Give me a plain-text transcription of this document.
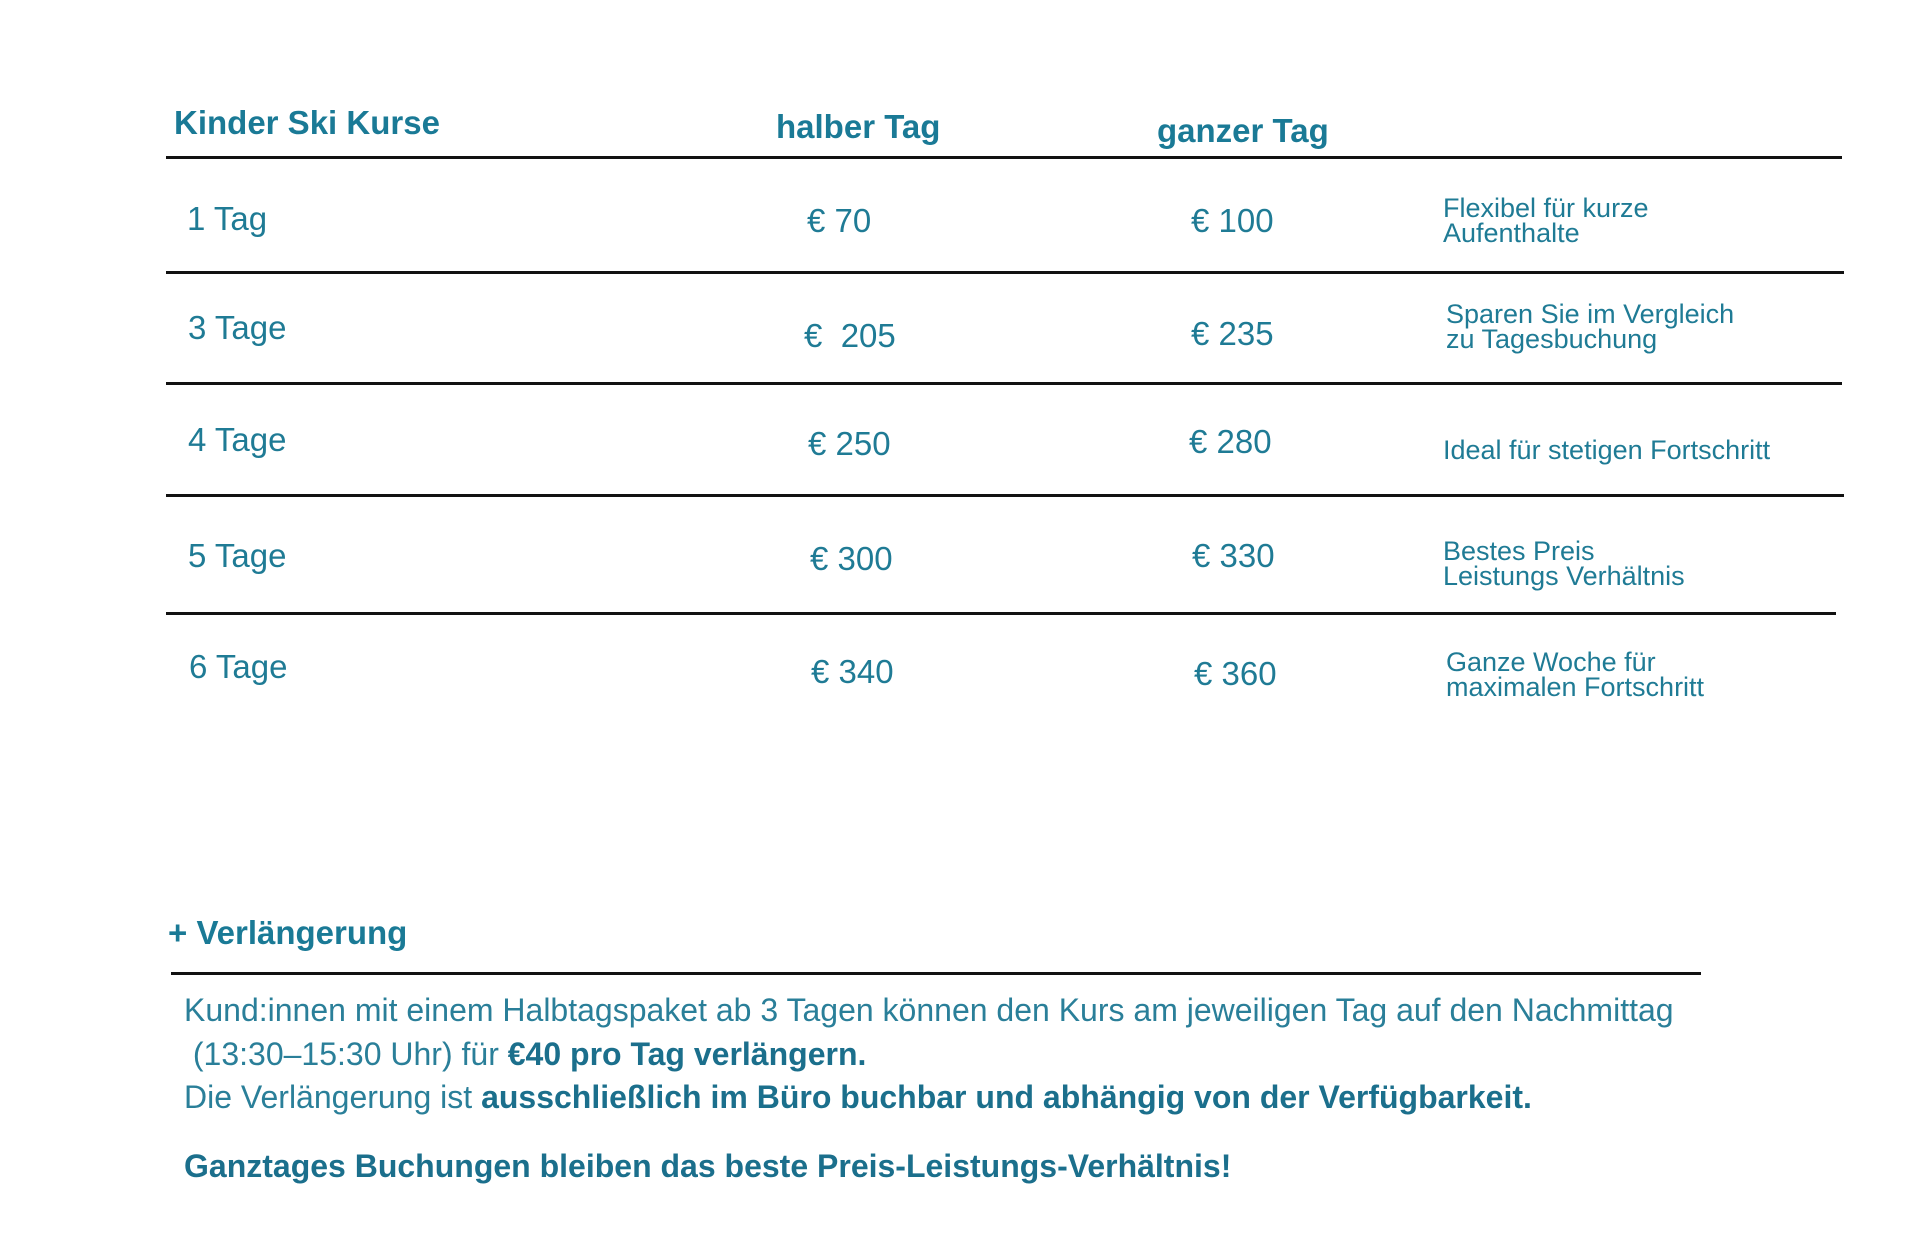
Kinder Ski Kurse	halber Tag	ganzer Tag
1 Tag	€ 70	€ 100	Flexibel für kurze
Aufenthalte
3 Tage	€  205	€ 235
Sparen Sie im Vergleich
zu Tagesbuchung
4 Tage	€ 250	€ 280	Ideal für stetigen Fortschritt
5 Tage	€ 300	€ 330	Bestes Preis
Leistungs Verhältnis
6 Tage	€ 340	€ 360	Ganze Woche für
maximalen Fortschritt
+ Verlängerung
Kund:innen mit einem Halbtagspaket ab 3 Tagen können den Kurs am jeweiligen Tag auf den Nachmittag
(13:30–15:30 Uhr) für €40 pro Tag verlängern.
Die Verlängerung ist ausschließlich im Büro buchbar und abhängig von der Verfügbarkeit.
Ganztages Buchungen bleiben das beste Preis-Leistungs-Verhältnis!
